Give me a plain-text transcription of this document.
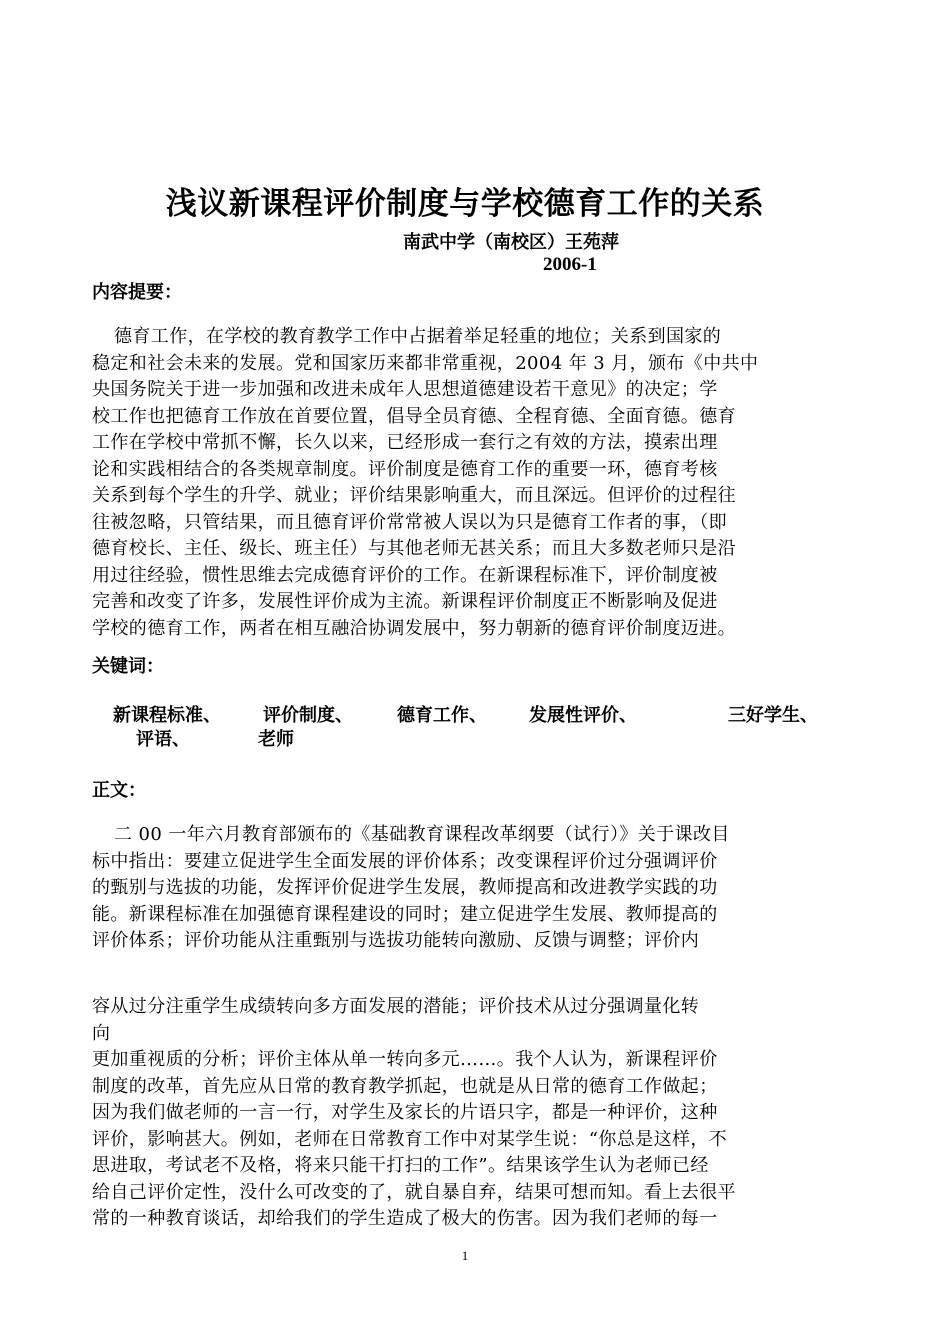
浅议新课程评价制度与学校德育工作的关系
南武中学（南校区）王苑萍
2006-1
内容提要：
德育工作，在学校的教育教学工作中占据着举足轻重的地位；关系到国家的
稳定和社会未来的发展。党和国家历来都非常重视，2004 年 3 月，颁布《中共中
央国务院关于进一步加强和改进未成年人思想道德建设若干意见》的决定；学
校工作也把德育工作放在首要位置，倡导全员育德、全程育德、全面育德。德育
工作在学校中常抓不懈，长久以来，已经形成一套行之有效的方法，摸索出理
论和实践相结合的各类规章制度。评价制度是德育工作的重要一环，德育考核
关系到每个学生的升学、就业；评价结果影响重大，而且深远。但评价的过程往
往被忽略，只管结果，而且德育评价常常被人误以为只是德育工作者的事，（即
德育校长、主任、级长、班主任）与其他老师无甚关系；而且大多数老师只是沿
用过往经验，惯性思维去完成德育评价的工作。在新课程标准下，评价制度被
完善和改变了许多，发展性评价成为主流。新课程评价制度正不断影响及促进
学校的德育工作，两者在相互融洽协调发展中，努力朝新的德育评价制度迈进。
关键词：
新课程标准、 评价制度、 德育工作、 发展性评价、	三好学生、
评语、	老师
正文：
二 00 一年六月教育部颁布的《基础教育课程改革纲要（试行）》关于课改目
标中指出：要建立促进学生全面发展的评价体系；改变课程评价过分强调评价
的甄别与选拔的功能，发挥评价促进学生发展，教师提高和改进教学实践的功
能。新课程标准在加强德育课程建设的同时；建立促进学生发展、教师提高的
评价体系；评价功能从注重甄别与选拔功能转向激励、反馈与调整；评价内
容从过分注重学生成绩转向多方面发展的潜能；评价技术从过分强调量化转
向
更加重视质的分析；评价主体从单一转向多元……。我个人认为，新课程评价
制度的改革，首先应从日常的教育教学抓起，也就是从日常的德育工作做起；
因为我们做老师的一言一行，对学生及家长的片语只字，都是一种评价，这种
评价，影响甚大。例如，老师在日常教育工作中对某学生说：“你总是这样，不
思进取，考试老不及格，将来只能干打扫的工作”。结果该学生认为老师已经
给自己评价定性，没什么可改变的了，就自暴自弃，结果可想而知。看上去很平
常的一种教育谈话，却给我们的学生造成了极大的伤害。因为我们老师的每一
1
